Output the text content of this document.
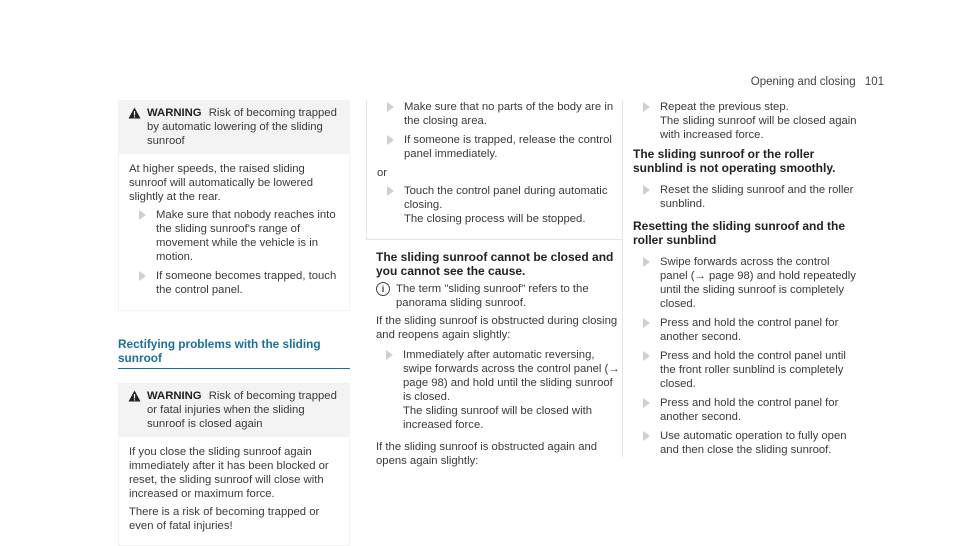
Opening and closing 101
WARNING Risk of becoming trapped by automatic lowering of the sliding sunroof

At higher speeds, the raised sliding sunroof will automatically be lowered slightly at the rear.

Make sure that nobody reaches into the sliding sunroof's range of movement while the vehicle is in motion.
If someone becomes trapped, touch the control panel.
Rectifying problems with the sliding sunroof
WARNING Risk of becoming trapped or fatal injuries when the sliding sunroof is closed again

If you close the sliding sunroof again immediately after it has been blocked or reset, the sliding sunroof will close with increased or maximum force.

There is a risk of becoming trapped or even of fatal injuries!

Make sure that no parts of the body are in the closing area.
If someone is trapped, release the control panel immediately.
or
Touch the control panel during automatic closing.
The closing process will be stopped.
The sliding sunroof cannot be closed and you cannot see the cause.
i	The term "sliding sunroof" refers to the panorama sliding sunroof.

If the sliding sunroof is obstructed during closing and reopens again slightly:

Immediately after automatic reversing, swipe forwards across the control panel (→ page 98) and hold until the sliding sunroof is closed.
The sliding sunroof will be closed with increased force.

If the sliding sunroof is obstructed again and opens again slightly:

Repeat the previous step.
The sliding sunroof will be closed again with increased force.
The sliding sunroof or the roller sunblind is not operating smoothly.
Reset the sliding sunroof and the roller sunblind.
Resetting the sliding sunroof and the roller sunblind
Swipe forwards across the control panel (→ page 98) and hold repeatedly until the sliding sunroof is completely closed.
Press and hold the control panel for another second.
Press and hold the control panel until the front roller sunblind is completely closed.
Press and hold the control panel for another second.
Use automatic operation to fully open and then close the sliding sunroof.
